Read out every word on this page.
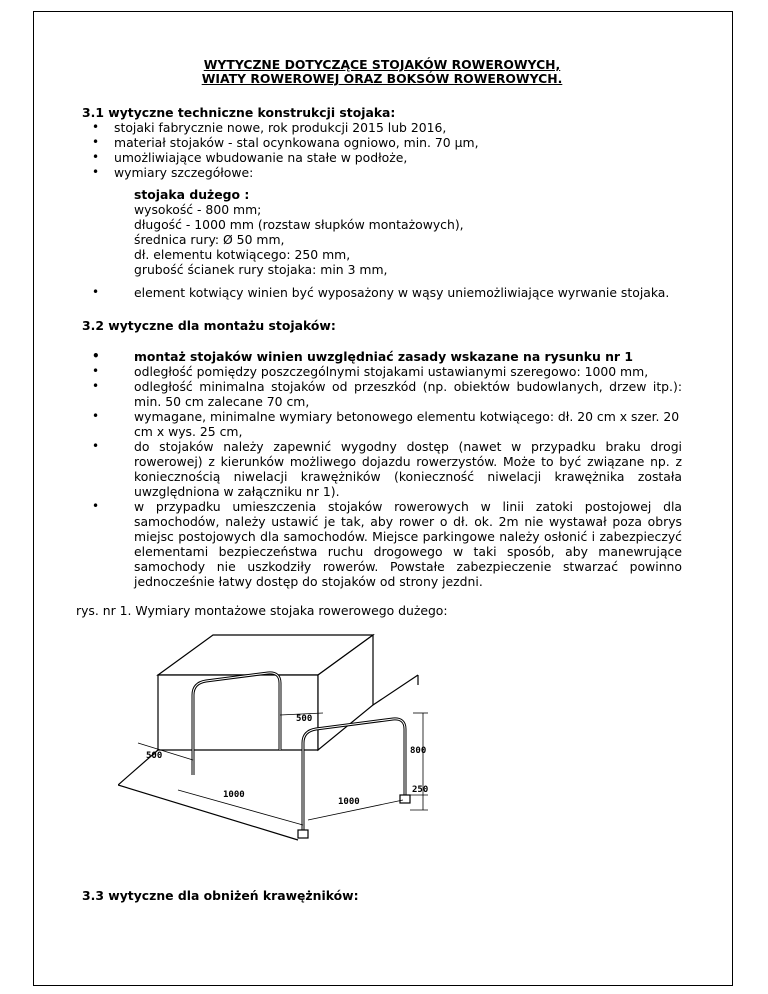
WYTYCZNE DOTYCZĄCE STOJAKÓW ROWEROWYCH,
WIATY ROWEROWEJ ORAZ BOKSÓW ROWEROWYCH.
3.1 wytyczne techniczne konstrukcji stojaka:
• stojaki fabrycznie nowe, rok produkcji 2015 lub 2016,
• materiał stojaków - stal ocynkowana ogniowo, min. 70 µm,
• umożliwiające wbudowanie na stałe w podłoże,
• wymiary szczegółowe:
stojaka dużego :
wysokość - 800 mm;
długość - 1000 mm (rozstaw słupków montażowych),
średnica rury: Ø 50 mm,
dł. elementu kotwiącego: 250 mm,
grubość ścianek rury stojaka: min 3 mm,
• element kotwiący winien być wyposażony w wąsy uniemożliwiające wyrwanie stojaka.
3.2 wytyczne dla montażu stojaków:
• montaż stojaków winien uwzględniać zasady wskazane na rysunku nr 1
• odległość pomiędzy poszczególnymi stojakami ustawianymi szeregowo: 1000 mm,
• odległość minimalna stojaków od przeszkód (np. obiektów budowlanych, drzew itp.): min. 50 cm zalecane 70 cm,
• wymagane, minimalne wymiary betonowego elementu kotwiącego: dł. 20 cm x szer. 20 cm x wys. 25 cm,
• do stojaków należy zapewnić wygodny dostęp (nawet w przypadku braku drogi rowerowej) z kierunków możliwego dojazdu rowerzystów. Może to być związane np. z koniecznością niwelacji krawężników (konieczność niwelacji krawężnika została uwzględniona w załączniku nr 1).
• w przypadku umieszczenia stojaków rowerowych w linii zatoki postojowej dla samochodów, należy ustawić je tak, aby rower o dł. ok. 2m nie wystawał poza obrys miejsc postojowych dla samochodów. Miejsce parkingowe należy osłonić i zabezpieczyć elementami bezpieczeństwa ruchu drogowego w taki sposób, aby manewrujące samochody nie uszkodziły rowerów. Powstałe zabezpieczenie stwarzać powinno jednocześnie łatwy dostęp do stojaków od strony jezdni.
rys. nr 1. Wymiary montażowe stojaka rowerowego dużego:
500
500	800
250
1000
1000
3.3 wytyczne dla obniżeń krawężników:
